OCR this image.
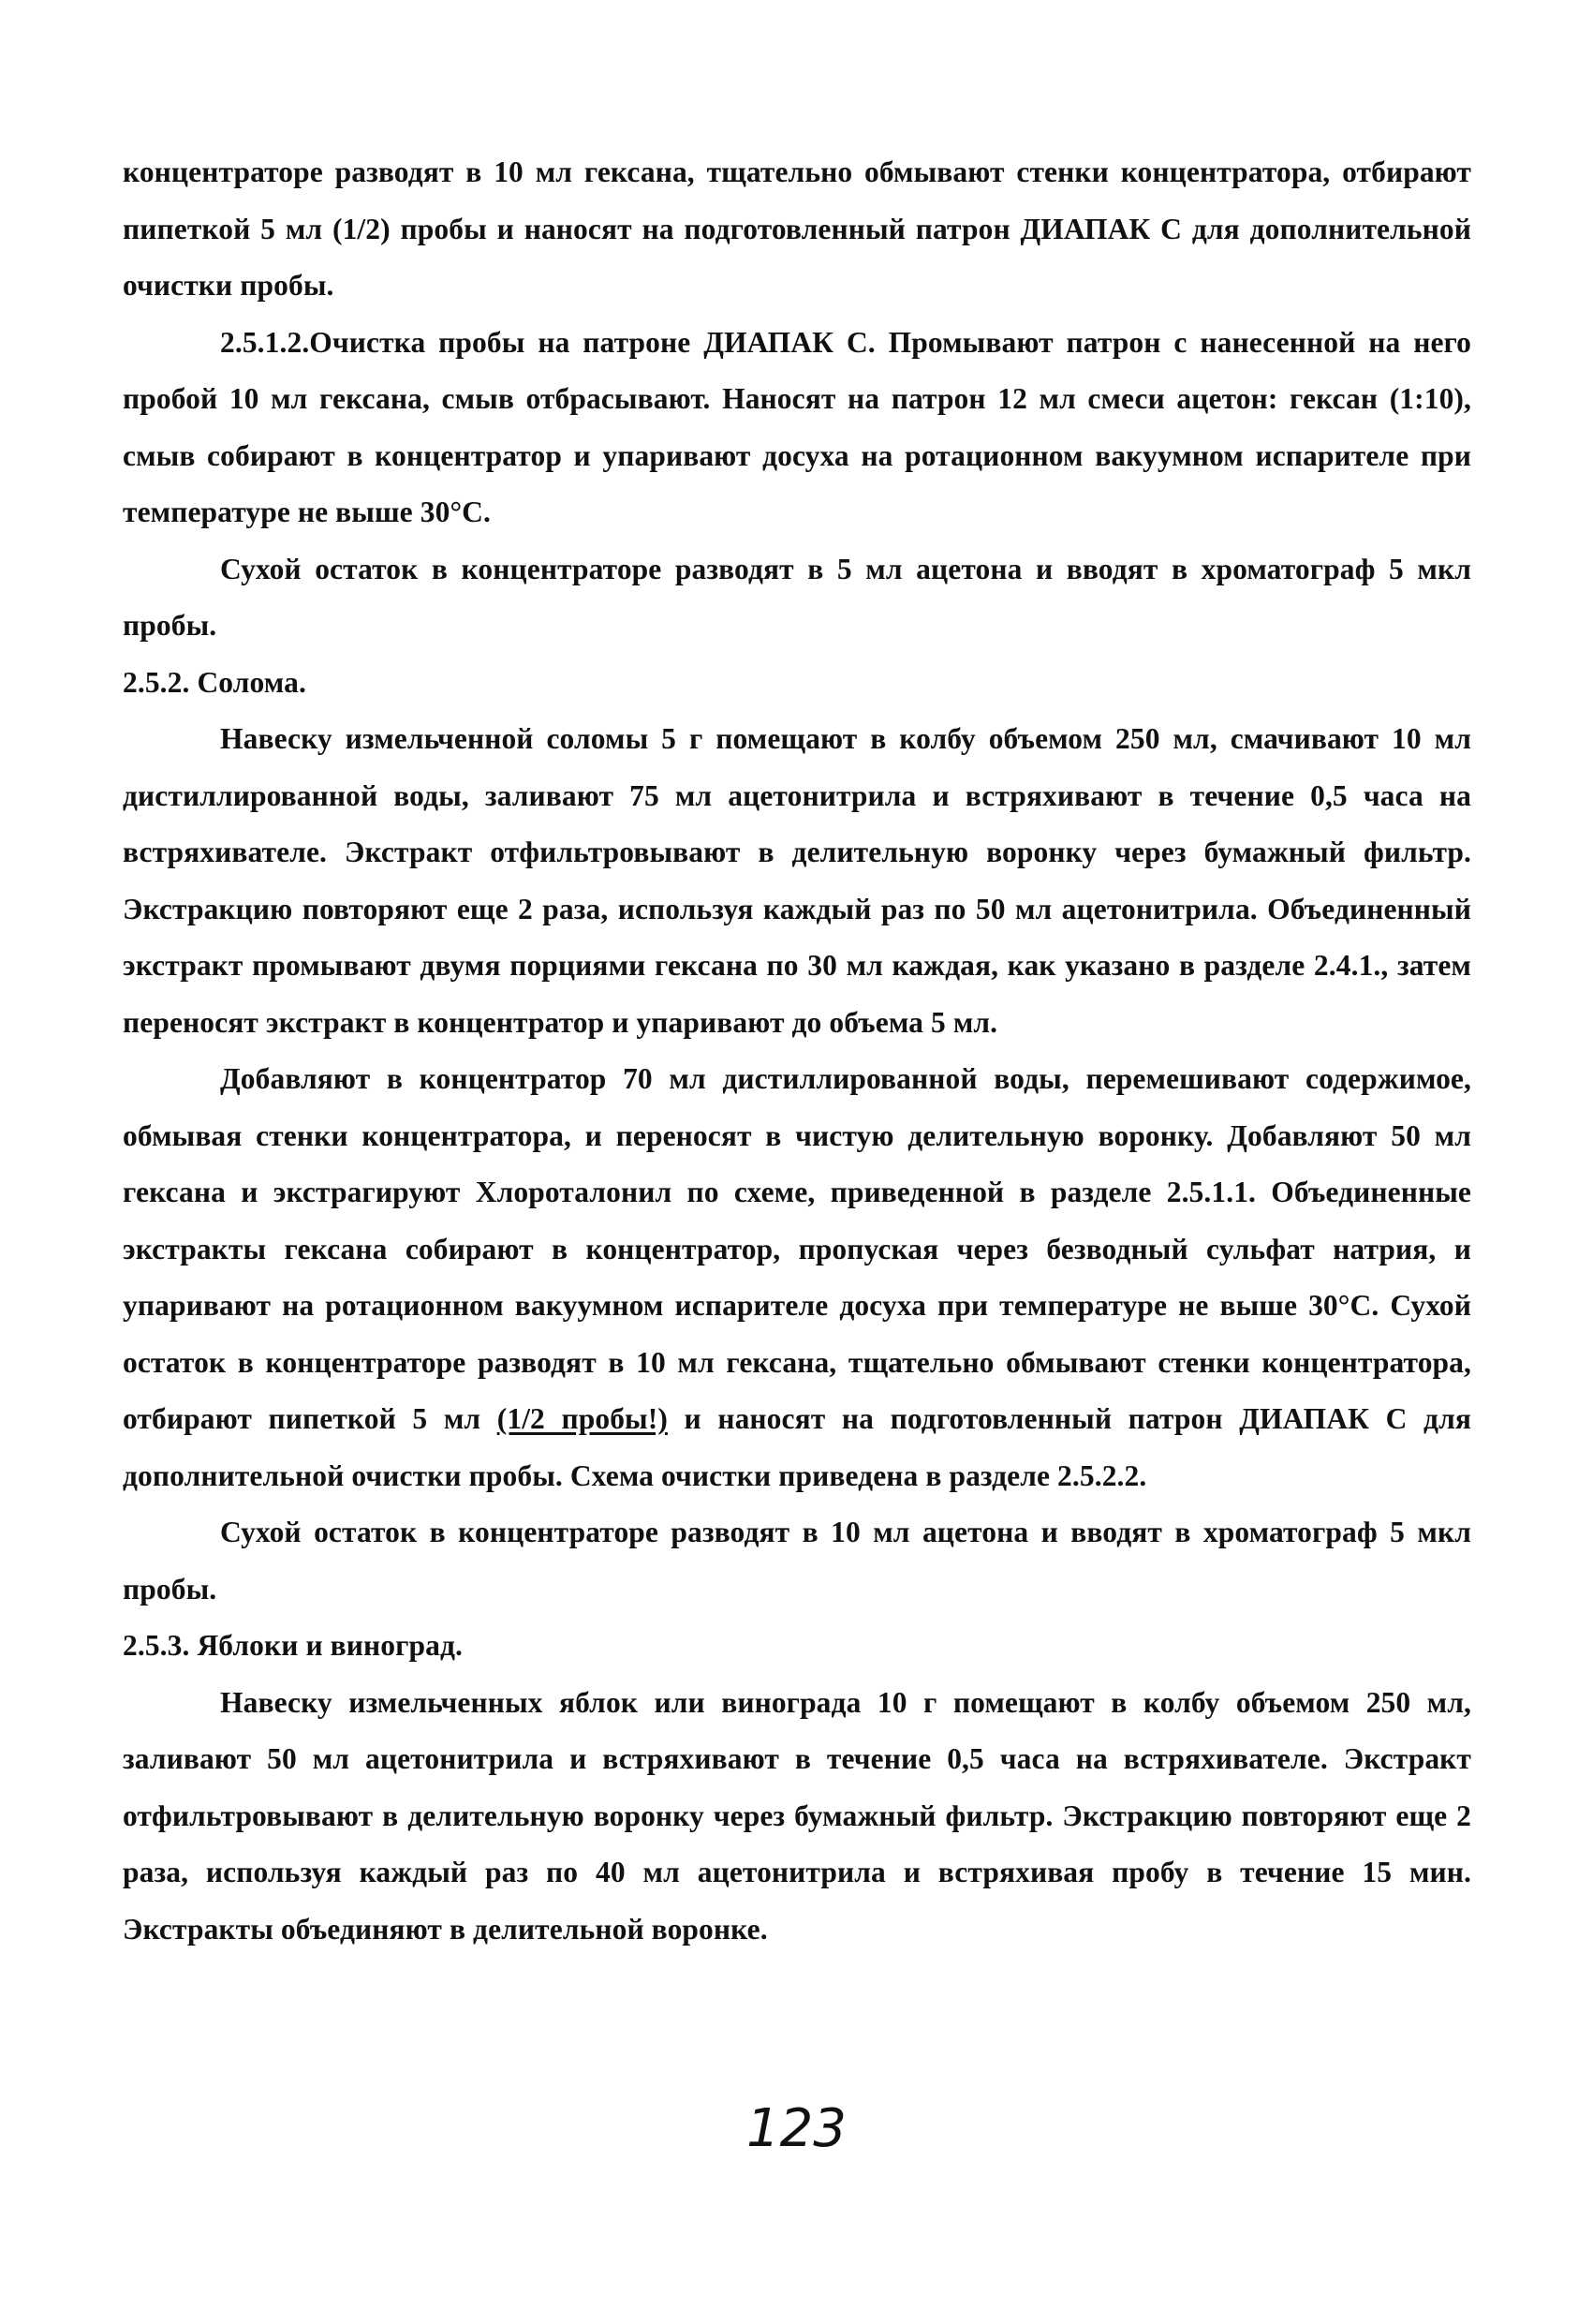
концентраторе разводят в 10 мл гексана, тщательно обмывают стенки концентратора, отбирают пипеткой 5 мл (1/2) пробы и наносят на подготовленный патрон ДИАПАК С для дополнительной очистки пробы.

2.5.1.2.Очистка пробы на патроне ДИАПАК С. Промывают патрон с нанесенной на него пробой 10 мл гексана, смыв отбрасывают. Наносят на патрон 12 мл смеси ацетон: гексан (1:10), смыв собирают в концентратор и упаривают досуха на ротационном вакуумном испарителе при температуре не выше 30°С.

Сухой остаток в концентраторе разводят в 5 мл ацетона и вводят в хроматограф 5 мкл пробы.

2.5.2. Солома.

Навеску измельченной соломы 5 г помещают в колбу объемом 250 мл, смачивают 10 мл дистиллированной воды, заливают 75 мл ацетонитрила и встряхивают в течение 0,5 часа на встряхивателе. Экстракт отфильтровывают в делительную воронку через бумажный фильтр. Экстракцию повторяют еще 2 раза, используя каждый раз по 50 мл ацетонитрила. Объединенный экстракт промывают двумя порциями гексана по 30 мл каждая, как указано в разделе 2.4.1., затем переносят экстракт в концентратор и упаривают до объема 5 мл.

Добавляют в концентратор 70 мл дистиллированной воды, перемешивают содержимое, обмывая стенки концентратора, и переносят в чистую делительную воронку. Добавляют 50 мл гексана и экстрагируют Хлороталонил по схеме, приведенной в разделе 2.5.1.1. Объединенные экстракты гексана собирают в концентратор, пропуская через безводный сульфат натрия, и упаривают на ротационном вакуумном испарителе досуха при температуре не выше 30°С. Сухой остаток в концентраторе разводят в 10 мл гексана, тщательно обмывают стенки концентратора, отбирают пипеткой 5 мл (1/2 пробы!) и наносят на подготовленный патрон ДИАПАК С для дополнительной очистки пробы. Схема очистки приведена в разделе 2.5.2.2.

Сухой остаток в концентраторе разводят в 10 мл ацетона и вводят в хроматограф 5 мкл пробы.

2.5.3. Яблоки и виноград.

Навеску измельченных яблок или винограда 10 г помещают в колбу объемом 250 мл, заливают 50 мл ацетонитрила и встряхивают в течение 0,5 часа на встряхивателе. Экстракт отфильтровывают в делительную воронку через бумажный фильтр. Экстракцию повторяют еще 2 раза, используя каждый раз по 40 мл ацетонитрила и встряхивая пробу в течение 15 мин. Экстракты объединяют в делительной воронке.

123
